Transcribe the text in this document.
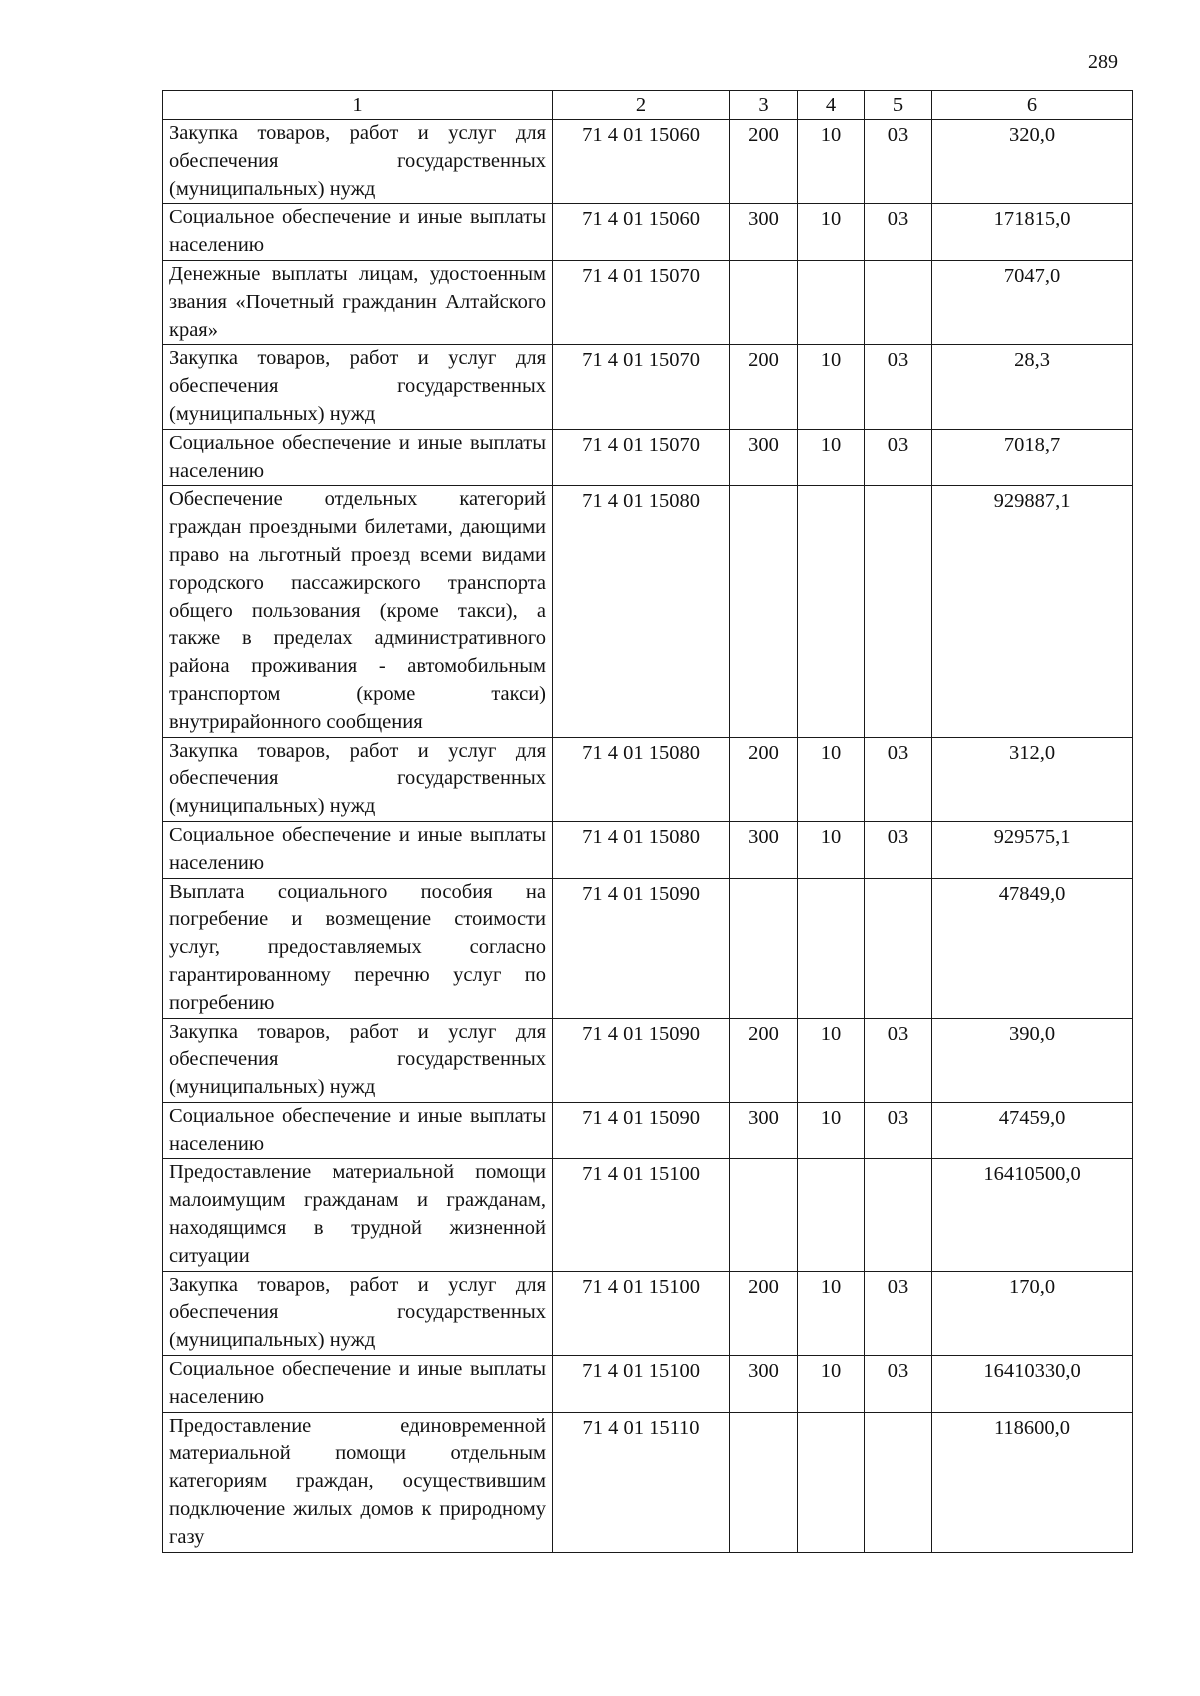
289
1	2	3	4	5	6
Закупка товаров, работ и услуг для обеспечения государственных (муниципальных) нужд	71 4 01 15060	200	10	03	320,0
Социальное обеспечение и иные выплаты населению	71 4 01 15060	300	10	03	171815,0
Денежные выплаты лицам, удостоенным звания «Почетный гражданин Алтайского края»	71 4 01 15070				7047,0
Закупка товаров, работ и услуг для обеспечения государственных (муниципальных) нужд	71 4 01 15070	200	10	03	28,3
Социальное обеспечение и иные выплаты населению	71 4 01 15070	300	10	03	7018,7
Обеспечение отдельных категорий граждан проездными билетами, дающими право на льготный проезд всеми видами городского пассажирского транспорта общего пользования (кроме такси), а также в пределах административного района проживания - автомобильным транспортом (кроме такси) внутрирайонного сообщения	71 4 01 15080				929887,1
Закупка товаров, работ и услуг для обеспечения государственных (муниципальных) нужд	71 4 01 15080	200	10	03	312,0
Социальное обеспечение и иные выплаты населению	71 4 01 15080	300	10	03	929575,1
Выплата социального пособия на погребение и возмещение стоимости услуг, предоставляемых согласно гарантированному перечню услуг по погребению	71 4 01 15090				47849,0
Закупка товаров, работ и услуг для обеспечения государственных (муниципальных) нужд	71 4 01 15090	200	10	03	390,0
Социальное обеспечение и иные выплаты населению	71 4 01 15090	300	10	03	47459,0
Предоставление материальной помощи малоимущим гражданам и гражданам, находящимся в трудной жизненной ситуации	71 4 01 15100				16410500,0
Закупка товаров, работ и услуг для обеспечения государственных (муниципальных) нужд	71 4 01 15100	200	10	03	170,0
Социальное обеспечение и иные выплаты населению	71 4 01 15100	300	10	03	16410330,0
Предоставление единовременной материальной помощи отдельным категориям граждан, осуществившим подключение жилых домов к природному газу	71 4 01 15110				118600,0
